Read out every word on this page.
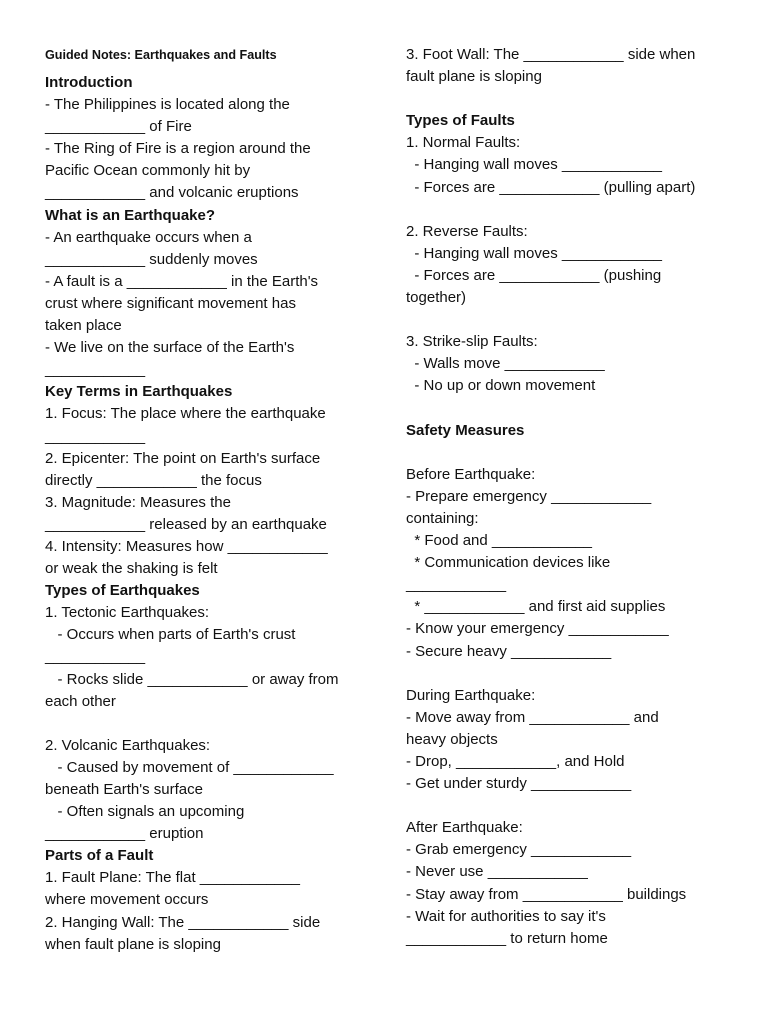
Guided Notes: Earthquakes and Faults
Introduction
- The Philippines is located along the
____________ of Fire
- The Ring of Fire is a region around the
Pacific Ocean commonly hit by
____________ and volcanic eruptions
What is an Earthquake?
- An earthquake occurs when a
____________ suddenly moves
- A fault is a ____________ in the Earth's
crust where significant movement has
taken place
- We live on the surface of the Earth's
____________
Key Terms in Earthquakes
1. Focus: The place where the earthquake
____________
2. Epicenter: The point on Earth's surface
directly ____________ the focus
3. Magnitude: Measures the
____________ released by an earthquake
4. Intensity: Measures how ____________
or weak the shaking is felt
Types of Earthquakes
1. Tectonic Earthquakes:
- Occurs when parts of Earth's crust
____________
- Rocks slide ____________ or away from
each other
2. Volcanic Earthquakes:
- Caused by movement of ____________
beneath Earth's surface
- Often signals an upcoming
____________ eruption
Parts of a Fault
1. Fault Plane: The flat ____________
where movement occurs
2. Hanging Wall: The ____________ side
when fault plane is sloping
3. Foot Wall: The ____________ side when
fault plane is sloping
Types of Faults
1. Normal Faults:
- Hanging wall moves ____________
- Forces are ____________ (pulling apart)
2. Reverse Faults:
- Hanging wall moves ____________
- Forces are ____________ (pushing
together)
3. Strike-slip Faults:
- Walls move ____________
- No up or down movement
Safety Measures
Before Earthquake:
- Prepare emergency ____________
containing:
* Food and ____________
* Communication devices like
____________
* ____________ and first aid supplies
- Know your emergency ____________
- Secure heavy ____________
During Earthquake:
- Move away from ____________ and
heavy objects
- Drop, ____________, and Hold
- Get under sturdy ____________
After Earthquake:
- Grab emergency ____________
- Never use ____________
- Stay away from ____________ buildings
- Wait for authorities to say it's
____________ to return home
